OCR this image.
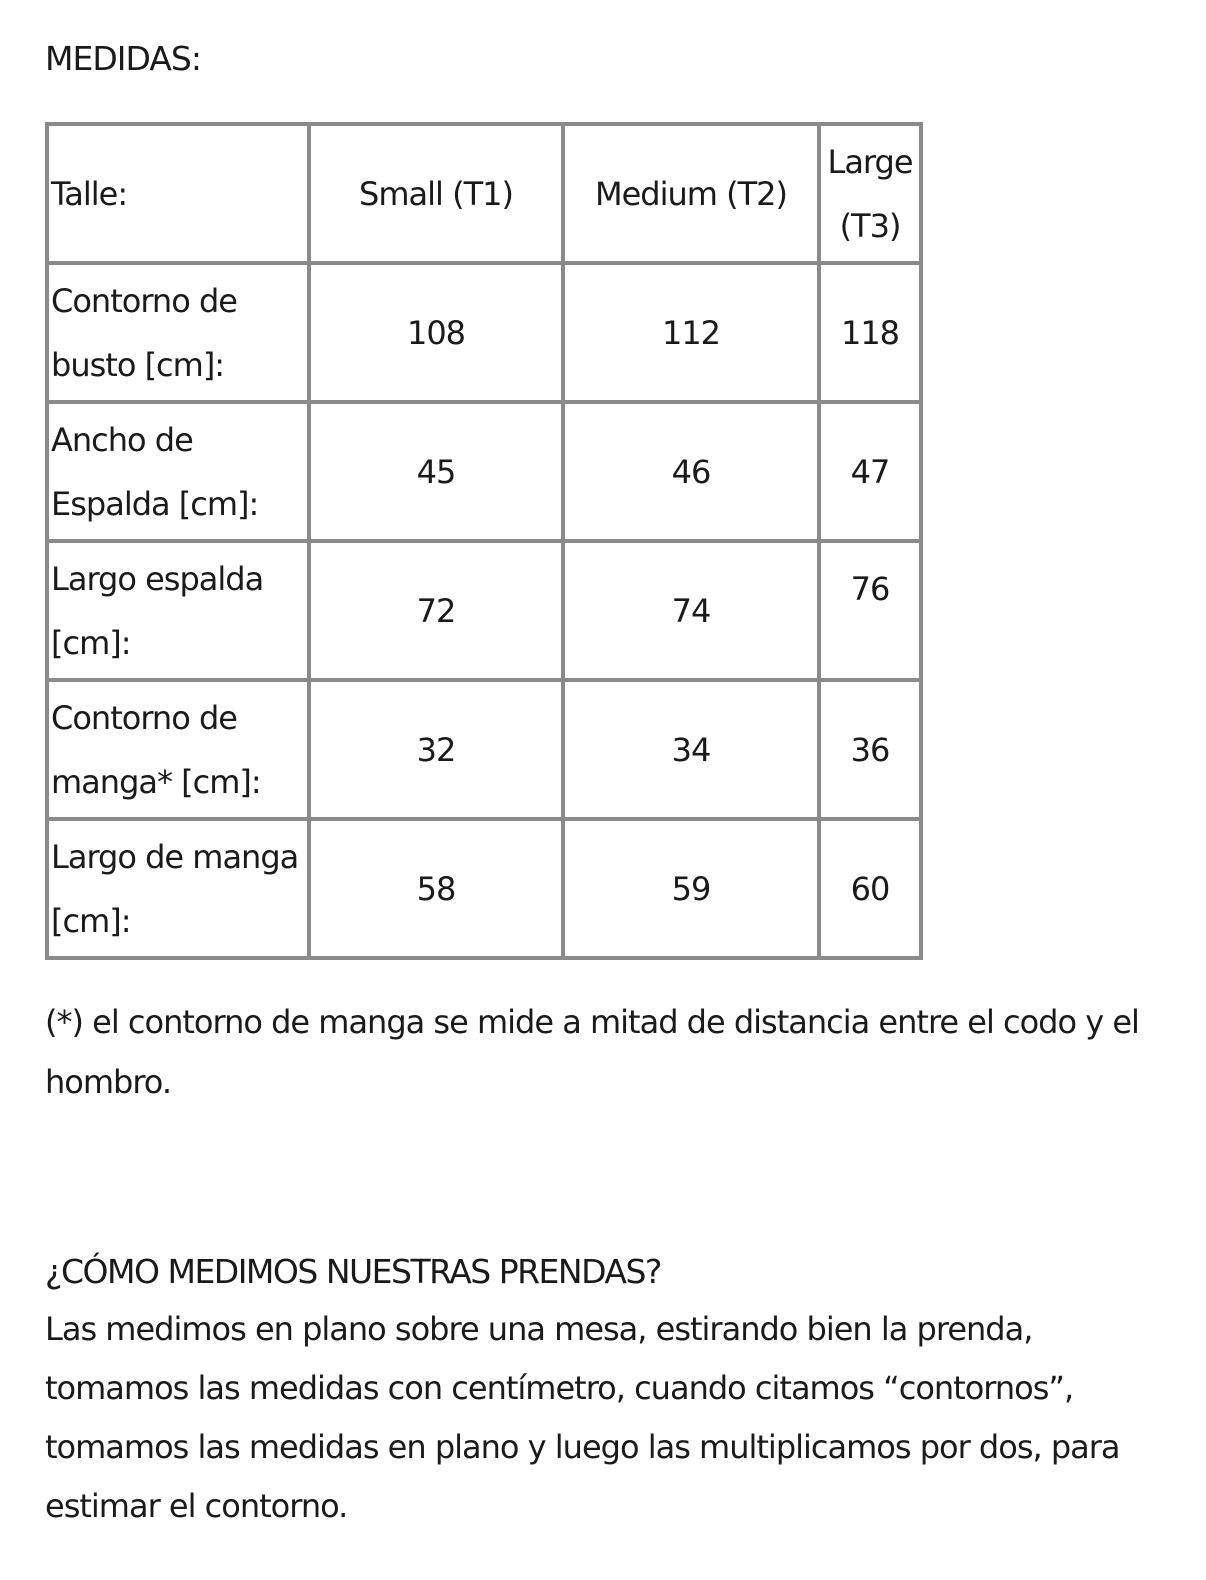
MEDIDAS:
Talle:	Small (T1)	Medium (T2)	Large (T3)
Contorno de busto [cm]:	108	112	118
Ancho de Espalda [cm]:	45	46	47
Largo espalda [cm]:	72	74	76
Contorno de manga* [cm]:	32	34	36
Largo de manga [cm]:	58	59	60
(*) el contorno de manga se mide a mitad de distancia entre el codo y el hombro.
¿CÓMO MEDIMOS NUESTRAS PRENDAS?
Las medimos en plano sobre una mesa, estirando bien la prenda, tomamos las medidas con centímetro, cuando citamos “contornos”, tomamos las medidas en plano y luego las multiplicamos por dos, para estimar el contorno.
